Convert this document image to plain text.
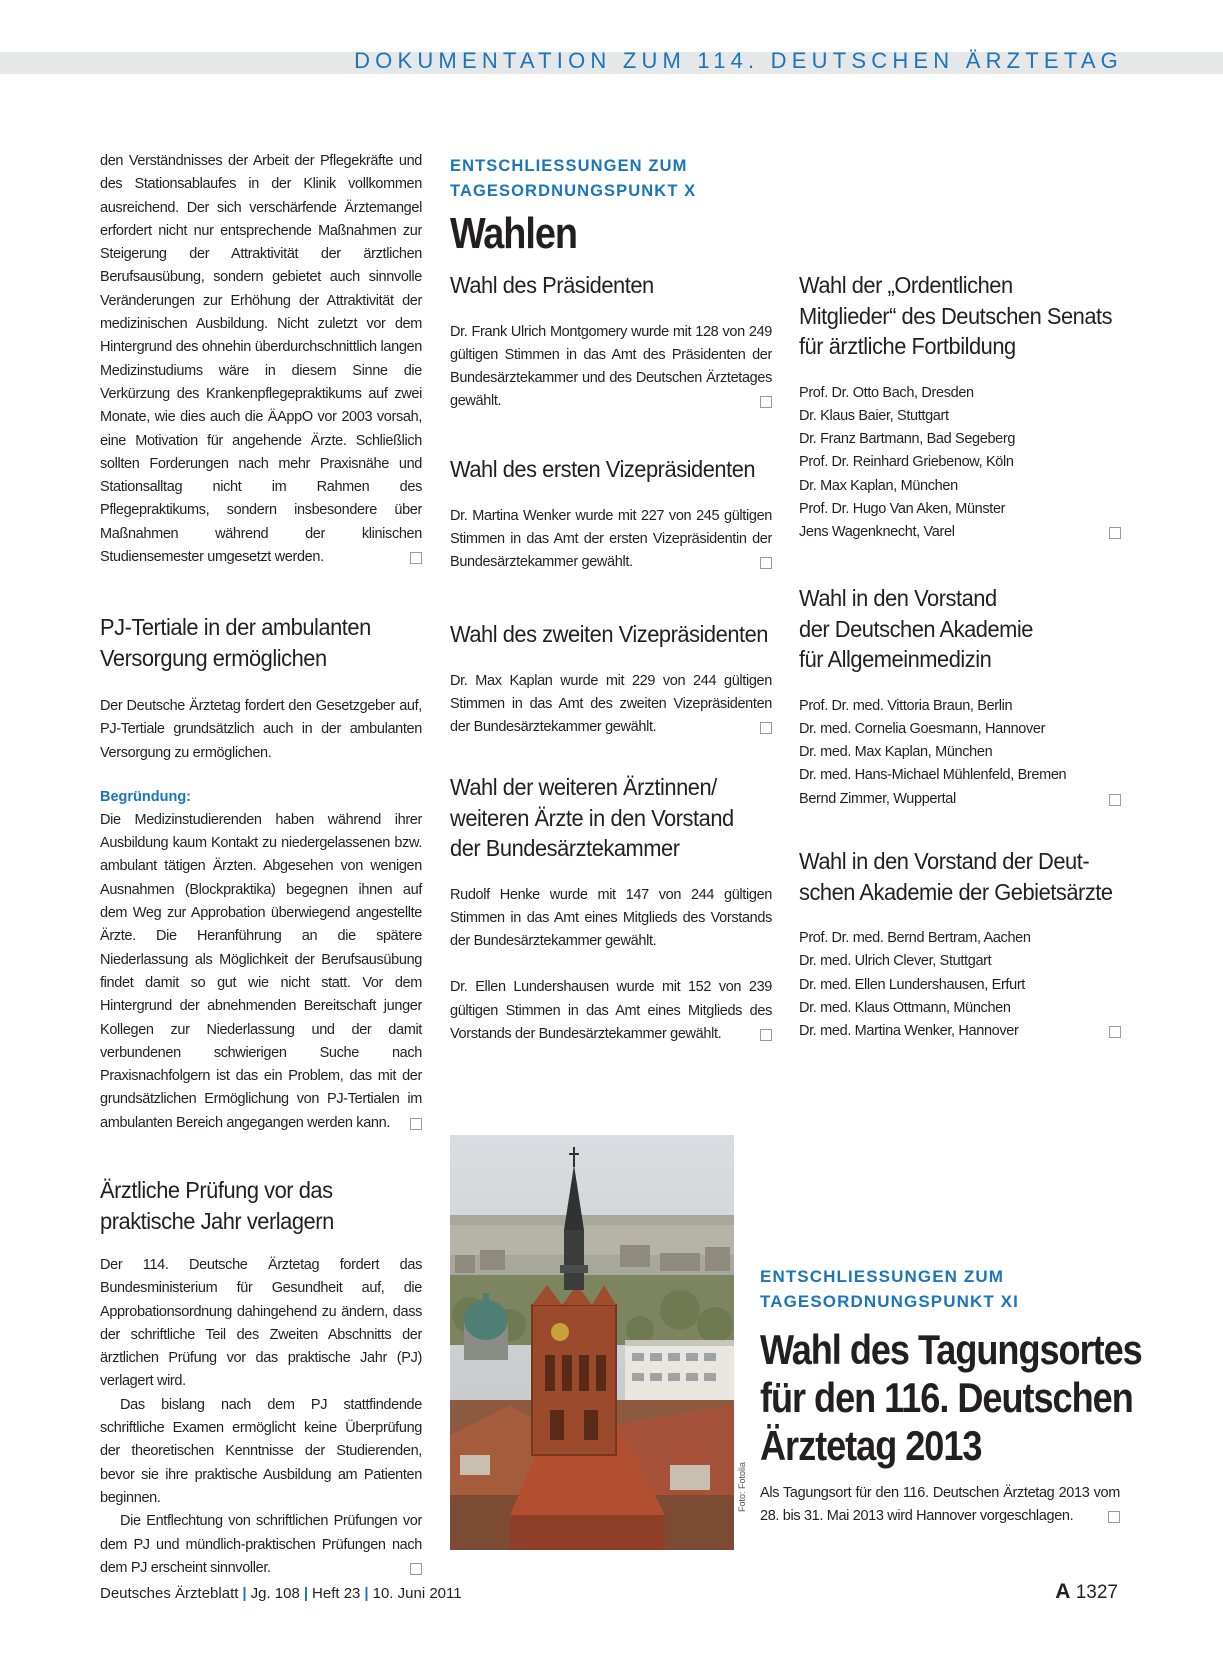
DOKUMENTATION ZUM 114. DEUTSCHEN ÄRZTETAG
den Verständnisses der Arbeit der Pflegekräfte und des Stationsablaufes in der Klinik vollkommen ausreichend. Der sich verschärfende Ärztemangel erfordert nicht nur entsprechende Maßnahmen zur Steigerung der Attraktivität der ärztlichen Berufsausübung, sondern gebietet auch sinnvolle Veränderungen zur Erhöhung der Attraktivität der medizinischen Ausbildung. Nicht zuletzt vor dem Hintergrund des ohnehin überdurchschnittlich langen Medizinstudiums wäre in diesem Sinne die Verkürzung des Krankenpflegepraktikums auf zwei Monate, wie dies auch die ÄAppO vor 2003 vorsah, eine Motivation für angehende Ärzte. Schließlich sollten Forderungen nach mehr Praxisnähe und Stationsalltag nicht im Rahmen des Pflegepraktikums, sondern insbesondere über Maßnahmen während der klinischen Studiensemester umgesetzt werden.
PJ-Tertiale in der ambulanten
Versorgung ermöglichen
Der Deutsche Ärztetag fordert den Gesetzgeber auf, PJ-Tertiale grundsätzlich auch in der ambulanten Versorgung zu ermöglichen.
Begründung:
Die Medizinstudierenden haben während ihrer Ausbildung kaum Kontakt zu niedergelassenen bzw. ambulant tätigen Ärzten. Abgesehen von wenigen Ausnahmen (Blockpraktika) begegnen ihnen auf dem Weg zur Approbation überwiegend angestellte Ärzte. Die Heranführung an die spätere Niederlassung als Möglichkeit der Berufsausübung findet damit so gut wie nicht statt. Vor dem Hintergrund der abnehmenden Bereitschaft junger Kollegen zur Niederlassung und der damit verbundenen schwierigen Suche nach Praxisnachfolgern ist das ein Problem, das mit der grundsätzlichen Ermöglichung von PJ-Tertialen im ambulanten Bereich angegangen werden kann.
Ärztliche Prüfung vor das
praktische Jahr verlagern

Der 114. Deutsche Ärztetag fordert das Bundesministerium für Gesundheit auf, die Approbationsordnung dahingehend zu ändern, dass der schriftliche Teil des Zweiten Abschnitts der ärztlichen Prüfung vor das praktische Jahr (PJ) verlagert wird.

Das bislang nach dem PJ stattfindende schriftliche Examen ermöglicht keine Überprüfung der theoretischen Kenntnisse der Studierenden, bevor sie ihre praktische Ausbildung am Patienten beginnen.

Die Entflechtung von schriftlichen Prüfungen vor dem PJ und mündlich-praktischen Prüfungen nach dem PJ erscheint sinnvoller.

ENTSCHLIESSUNGEN ZUM TAGESORDNUNGSPUNKT X
Wahlen
Wahl des Präsidenten
Dr. Frank Ulrich Montgomery wurde mit 128 von 249 gültigen Stimmen in das Amt des Präsidenten der Bundesärztekammer und des Deutschen Ärztetages gewählt.
Wahl des ersten Vizepräsidenten
Dr. Martina Wenker wurde mit 227 von 245 gültigen Stimmen in das Amt der ersten Vizepräsidentin der Bundesärztekammer gewählt.
Wahl des zweiten Vizepräsidenten
Dr. Max Kaplan wurde mit 229 von 244 gültigen Stimmen in das Amt des zweiten Vizepräsidenten der Bundesärztekammer gewählt.
Wahl der weiteren Ärztinnen/
weiteren Ärzte in den Vorstand
der Bundesärztekammer
Rudolf Henke wurde mit 147 von 244 gültigen Stimmen in das Amt eines Mitglieds des Vorstands der Bundesärztekammer gewählt.
Dr. Ellen Lundershausen wurde mit 152 von 239 gültigen Stimmen in das Amt eines Mitglieds des Vorstands der Bundesärztekammer gewählt.
Wahl der „Ordentlichen
Mitglieder“ des Deutschen Senats
für ärztliche Fortbildung
Prof. Dr. Otto Bach, Dresden
Dr. Klaus Baier, Stuttgart
Dr. Franz Bartmann, Bad Segeberg
Prof. Dr. Reinhard Griebenow, Köln
Dr. Max Kaplan, München
Prof. Dr. Hugo Van Aken, Münster
Jens Wagenknecht, Varel
Wahl in den Vorstand
der Deutschen Akademie
für Allgemeinmedizin
Prof. Dr. med. Vittoria Braun, Berlin
Dr. med. Cornelia Goesmann, Hannover
Dr. med. Max Kaplan, München
Dr. med. Hans-Michael Mühlenfeld, Bremen
Bernd Zimmer, Wuppertal
Wahl in den Vorstand der Deut-
schen Akademie der Gebietsärzte
Prof. Dr. med. Bernd Bertram, Aachen
Dr. med. Ulrich Clever, Stuttgart
Dr. med. Ellen Lundershausen, Erfurt
Dr. med. Klaus Ottmann, München
Dr. med. Martina Wenker, Hannover
Foto: Fotolia
ENTSCHLIESSUNGEN ZUM
TAGESORDNUNGSPUNKT XI
Wahl des Tagungsortes
für den 116. Deutschen
Ärztetag 2013
Als Tagungsort für den 116. Deutschen Ärztetag 2013 vom 28. bis 31. Mai 2013 wird Hannover vorgeschlagen.
Deutsches Ärzteblatt | Jg. 108 | Heft 23 | 10. Juni 2011	A 1327
